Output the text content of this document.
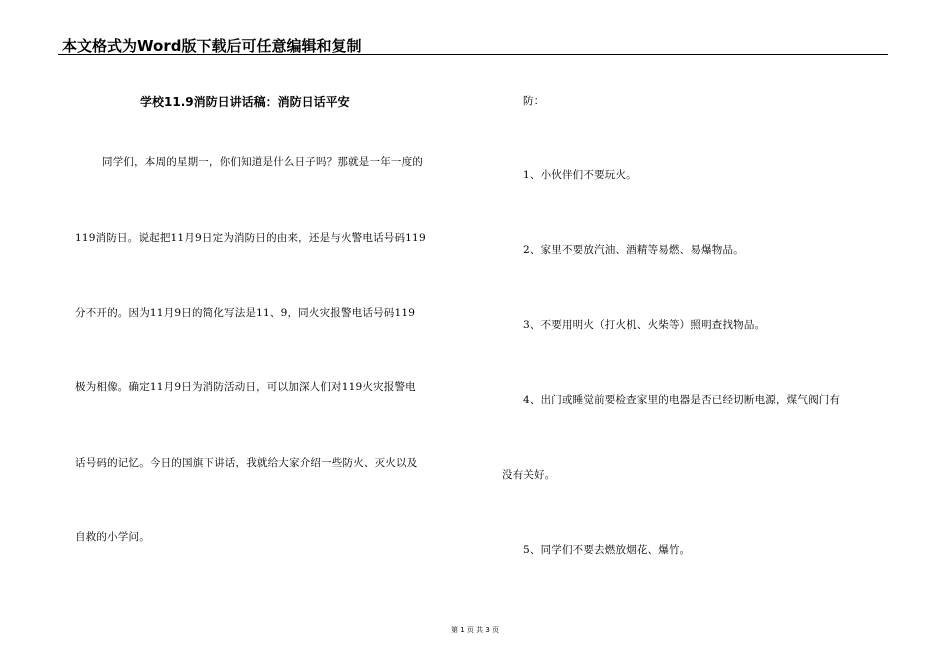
本文格式为Word版下载后可任意编辑和复制
学校11.9消防日讲话稿：消防日话平安
同学们，本周的星期一，你们知道是什么日子吗？那就是一年一度的
119消防日。说起把11月9日定为消防日的由来，还是与火警电话号码119
分不开的。因为11月9日的简化写法是11、9，同火灾报警电话号码119
极为相像。确定11月9日为消防活动日，可以加深人们对119火灾报警电
话号码的记忆。今日的国旗下讲话，我就给大家介绍一些防火、灭火以及
自救的小学问。
防：
1、小伙伴们不要玩火。
2、家里不要放汽油、酒精等易燃、易爆物品。
3、不要用明火（打火机、火柴等）照明查找物品。
4、出门或睡觉前要检查家里的电器是否已经切断电源，煤气阀门有
没有关好。
5、同学们不要去燃放烟花、爆竹。
第 1 页 共 3 页
